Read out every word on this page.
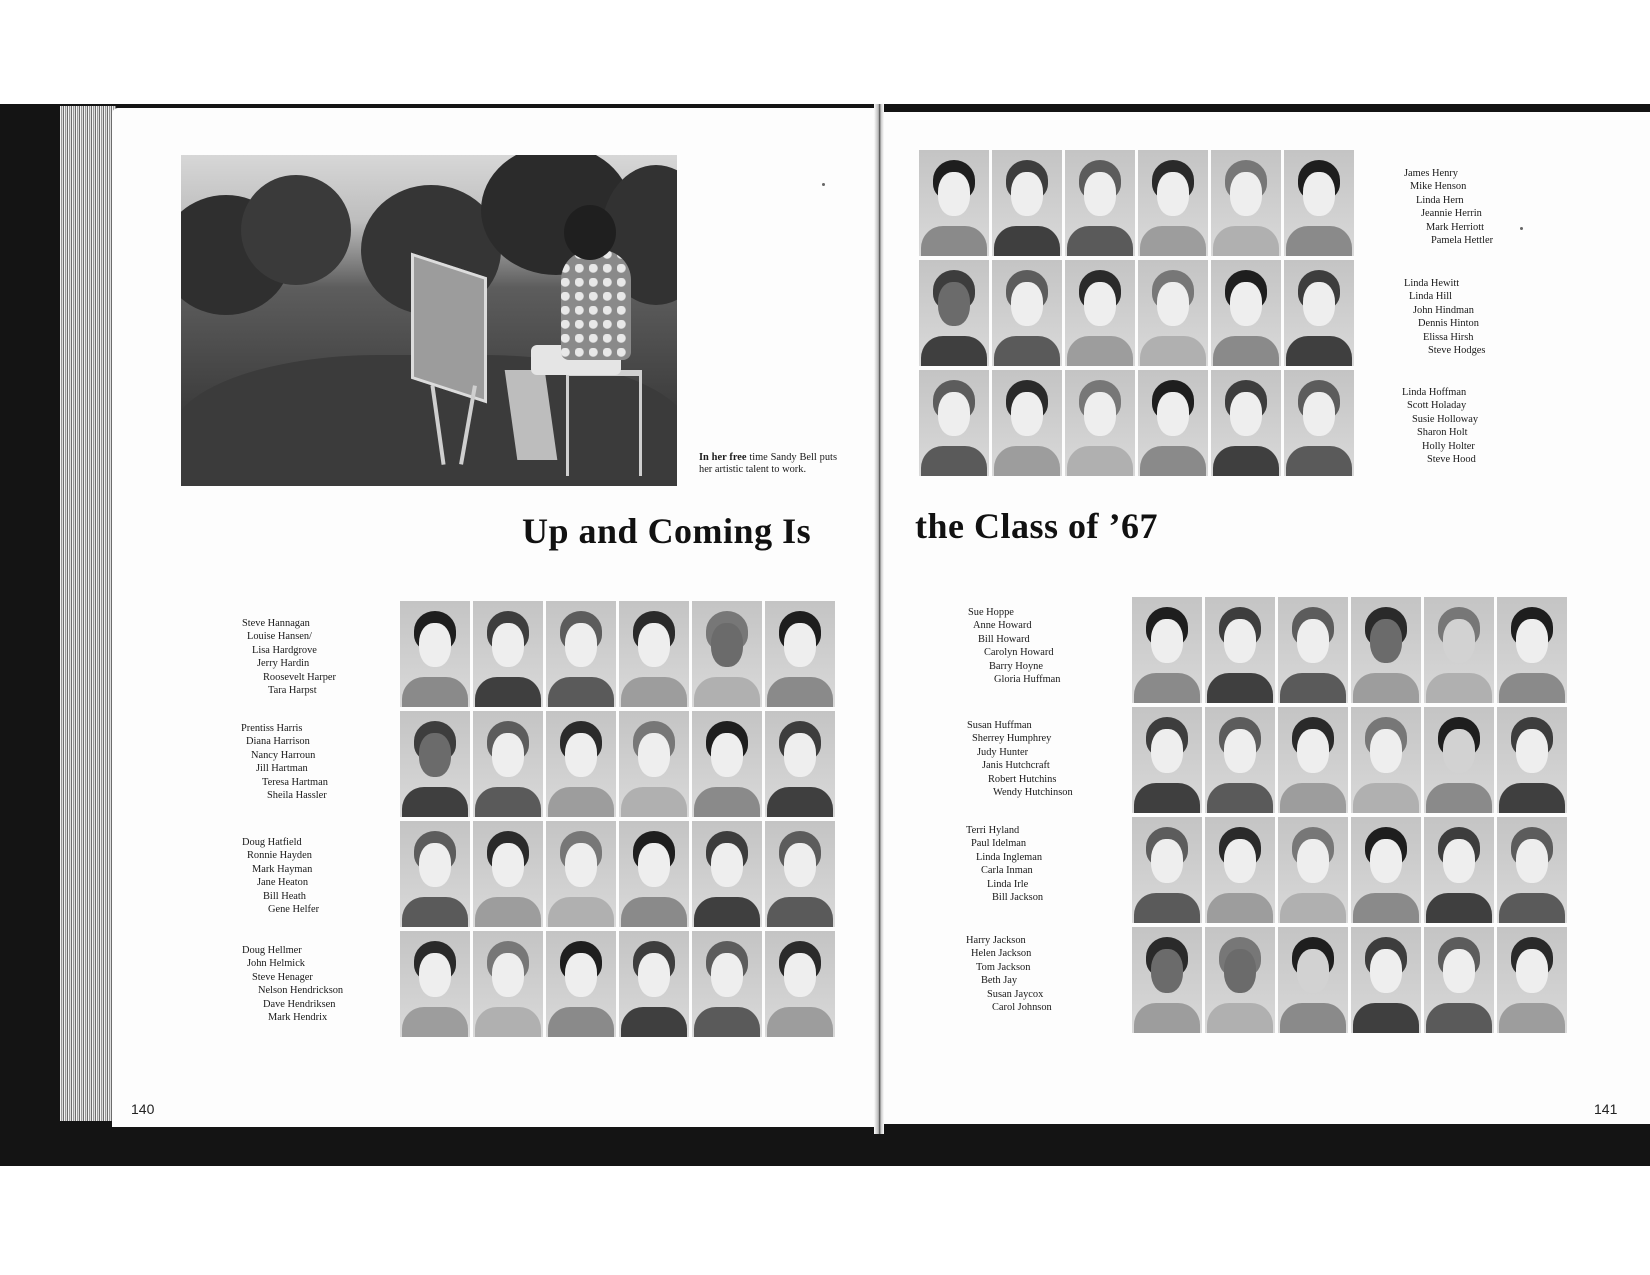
In her free time Sandy Bell puts her artistic talent to work.
Up and Coming Is	the Class of ’67
James Henry
Mike Henson
Linda Hern
Jeannie Herrin
Mark Herriott
Pamela Hettler
Linda Hewitt
Linda Hill
John Hindman
Dennis Hinton
Elissa Hirsh
Steve Hodges
Linda Hoffman
Scott Holaday
Susie Holloway
Sharon Holt
Holly Holter
Steve Hood
Steve Hannagan
Louise Hansen/
Lisa Hardgrove
Jerry Hardin
Roosevelt Harper
Tara Harpst
Prentiss Harris
Diana Harrison
Nancy Harroun
Jill Hartman
Teresa Hartman
Sheila Hassler
Doug Hatfield
Ronnie Hayden
Mark Hayman
Jane Heaton
Bill Heath
Gene Helfer
Doug Hellmer
John Helmick
Steve Henager
Nelson Hendrickson
Dave Hendriksen
Mark Hendrix
Sue Hoppe
Anne Howard
Bill Howard
Carolyn Howard
Barry Hoyne
Gloria Huffman
Susan Huffman
Sherrey Humphrey
Judy Hunter
Janis Hutchcraft
Robert Hutchins
Wendy Hutchinson
Terri Hyland
Paul Idelman
Linda Ingleman
Carla Inman
Linda Irle
Bill Jackson
Harry Jackson
Helen Jackson
Tom Jackson
Beth Jay
Susan Jaycox
Carol Johnson
140	141
